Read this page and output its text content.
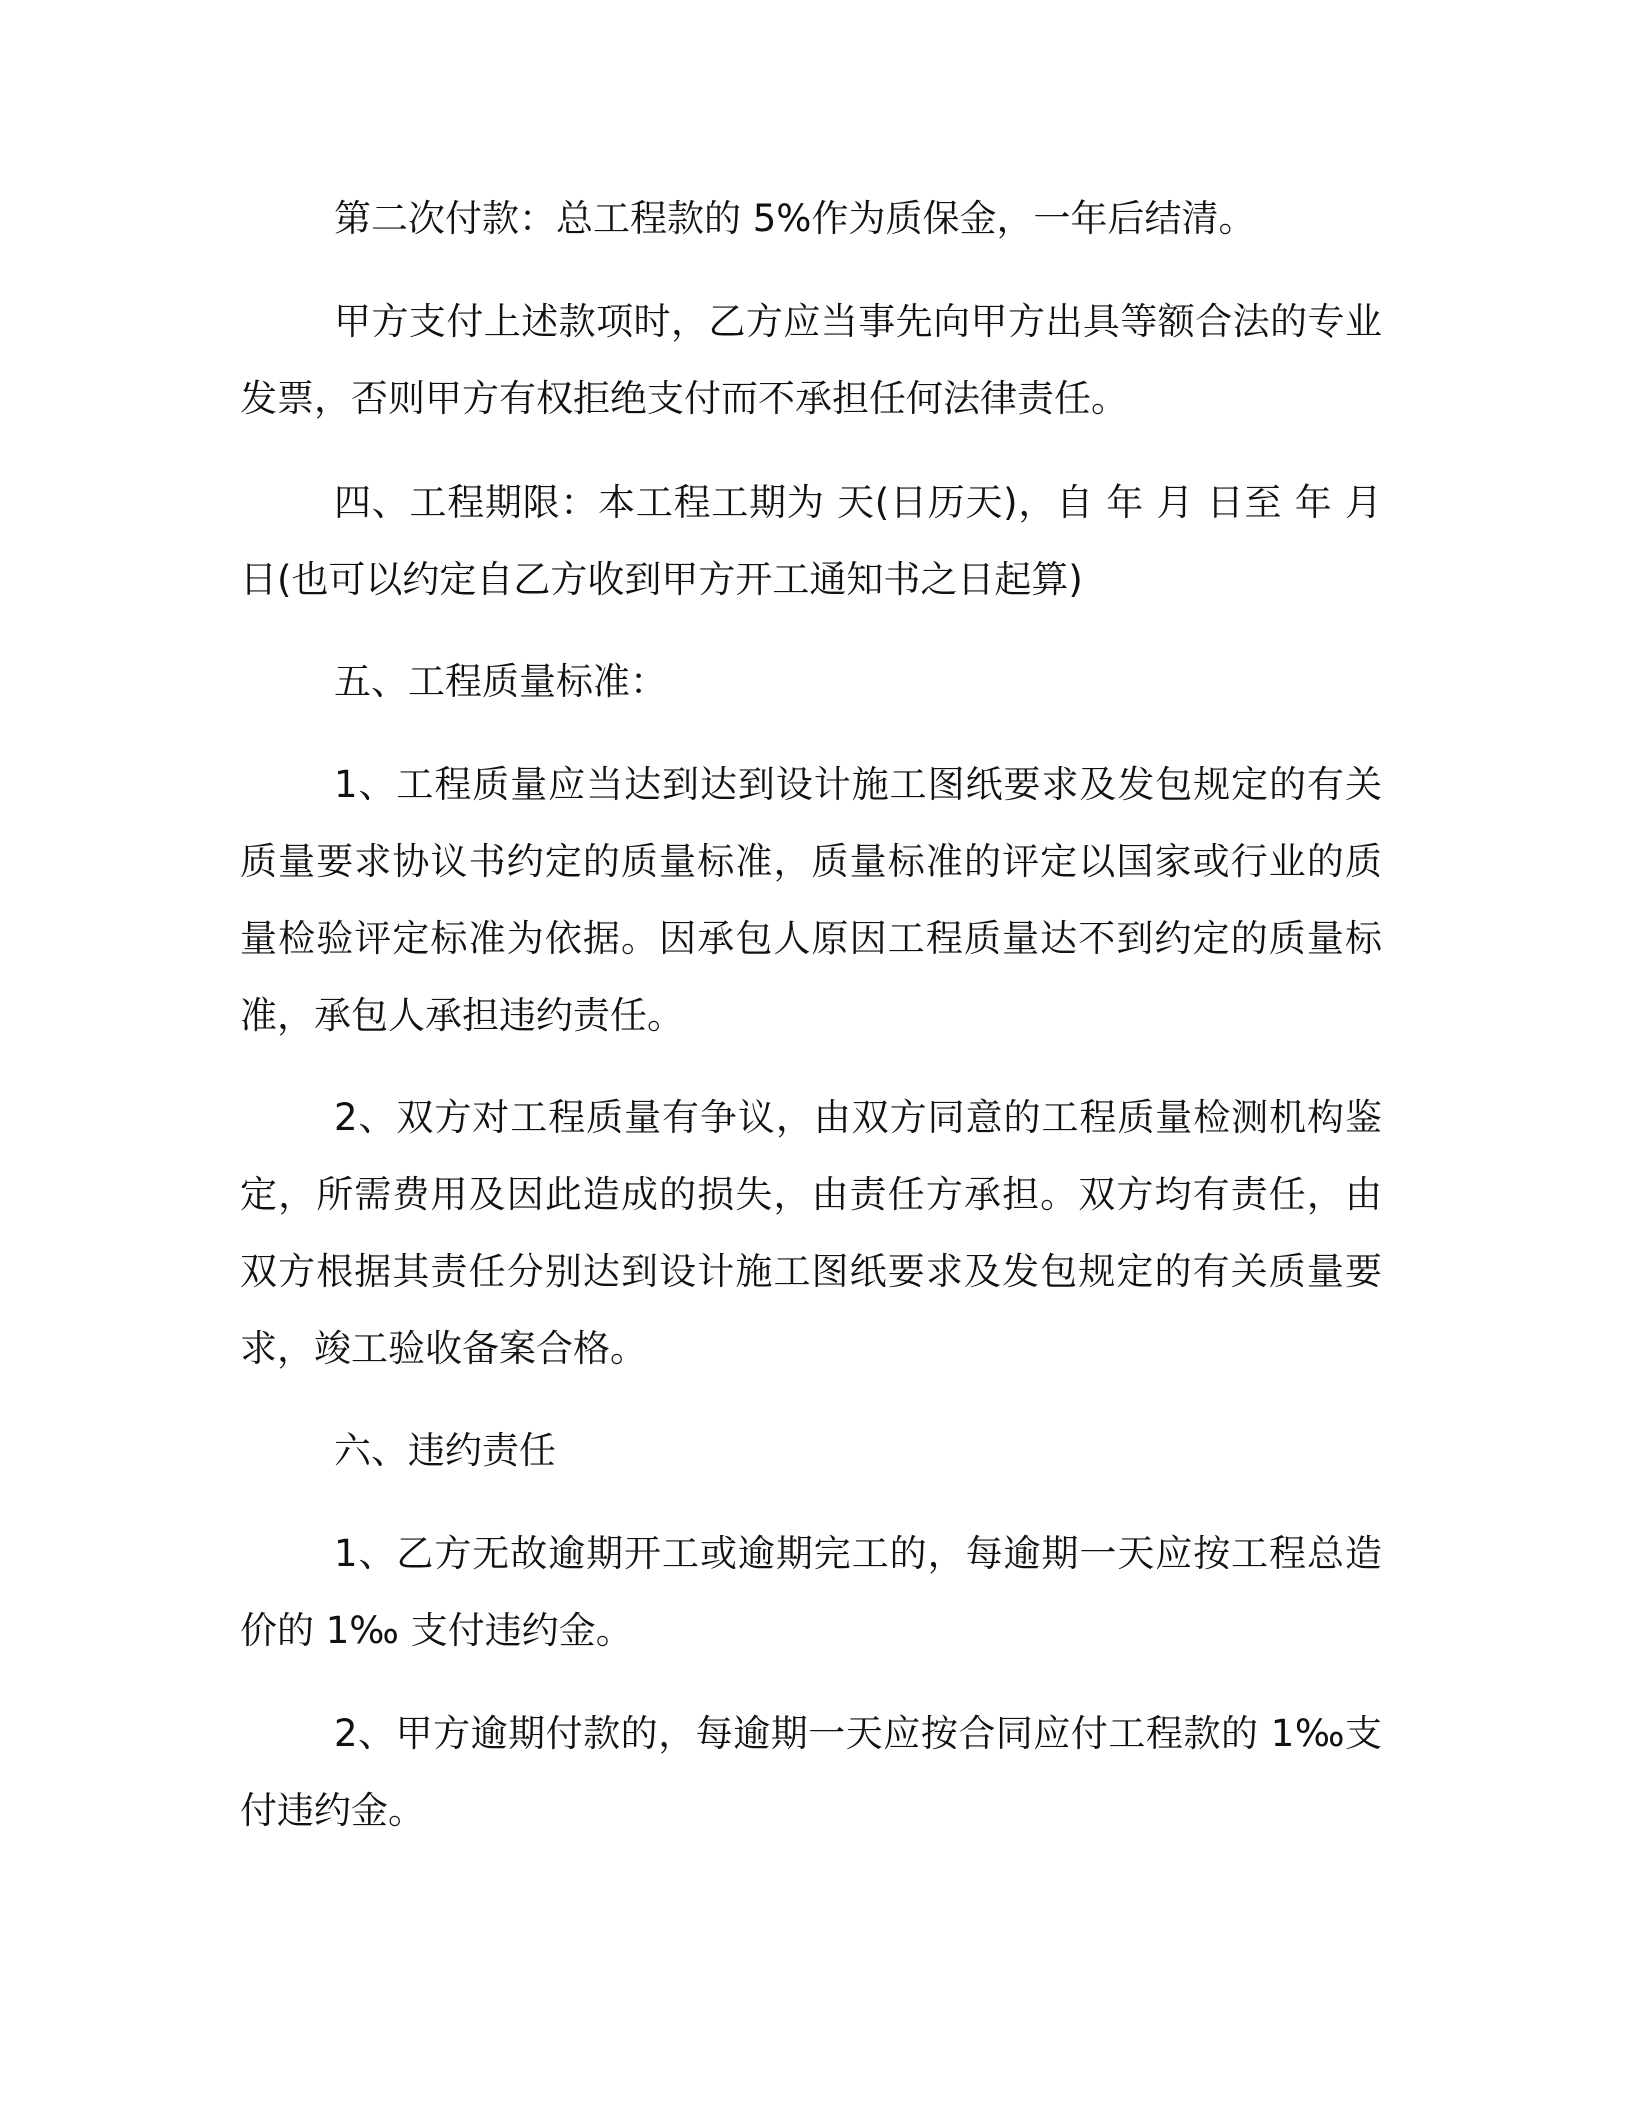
第二次付款：总工程款的 5%作为质保金，一年后结清。

甲方支付上述款项时，乙方应当事先向甲方出具等额合法的专业发票，否则甲方有权拒绝支付而不承担任何法律责任。

四、工程期限：本工程工期为 天(日历天)，自 年 月 日至 年 月日(也可以约定自乙方收到甲方开工通知书之日起算)

五、工程质量标准：

1、工程质量应当达到达到设计施工图纸要求及发包规定的有关质量要求协议书约定的质量标准，质量标准的评定以国家或行业的质量检验评定标准为依据。因承包人原因工程质量达不到约定的质量标准，承包人承担违约责任。

2、双方对工程质量有争议，由双方同意的工程质量检测机构鉴定，所需费用及因此造成的损失，由责任方承担。双方均有责任，由双方根据其责任分别达到设计施工图纸要求及发包规定的有关质量要求，竣工验收备案合格。

六、违约责任

1、乙方无故逾期开工或逾期完工的，每逾期一天应按工程总造价的 1‰ 支付违约金。

2、甲方逾期付款的，每逾期一天应按合同应付工程款的 1‰支付违约金。
